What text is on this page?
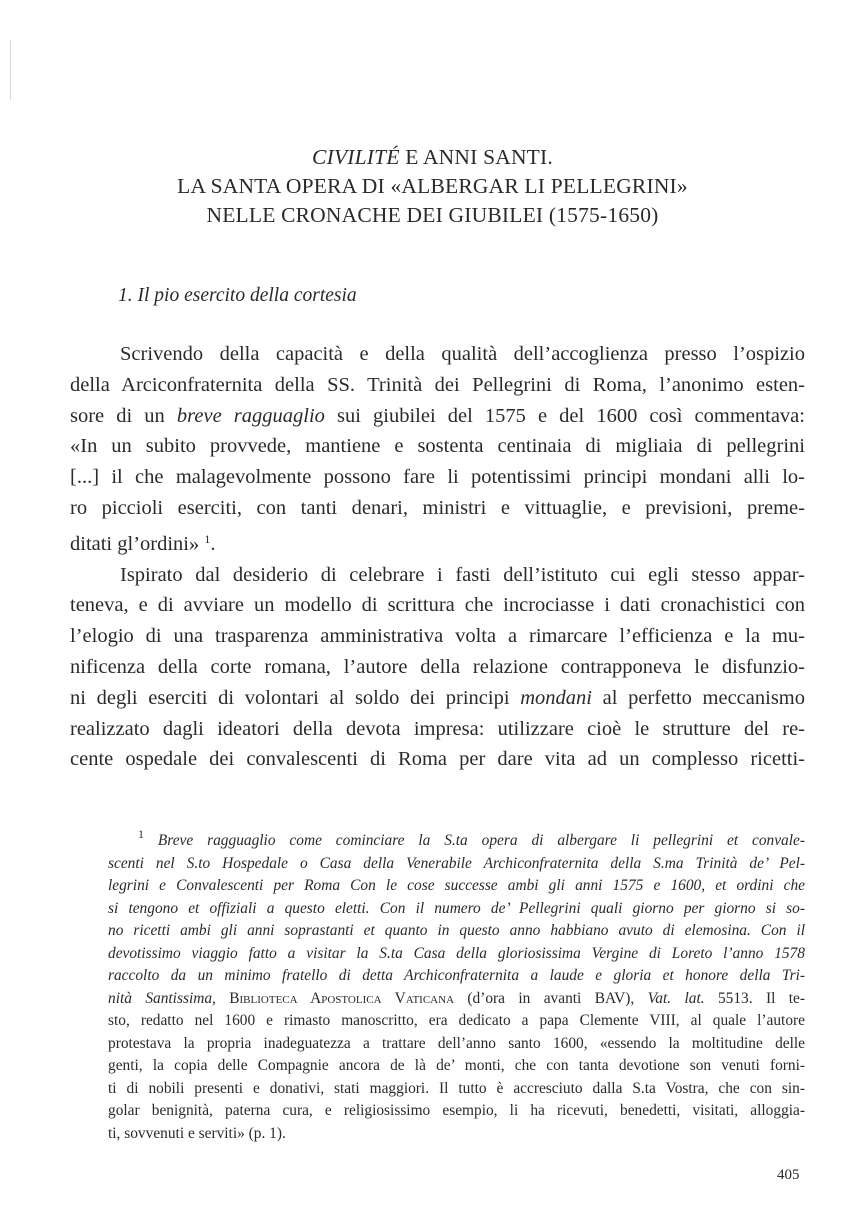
CIVILITÉ E ANNI SANTI.
LA SANTA OPERA DI «ALBERGAR LI PELLEGRINI»
NELLE CRONACHE DEI GIUBILEI (1575-1650)
1. Il pio esercito della cortesia
Scrivendo della capacità e della qualità dell’accoglienza presso l’ospizio
della Arciconfraternita della SS. Trinità dei Pellegrini di Roma, l’anonimo esten-
sore di un breve ragguaglio sui giubilei del 1575 e del 1600 così commentava:
«In un subito provvede, mantiene e sostenta centinaia di migliaia di pellegrini
[...] il che malagevolmente possono fare li potentissimi principi mondani alli lo-
ro piccioli eserciti, con tanti denari, ministri e vittuaglie, e previsioni, preme-
ditati gl’ordini» $^1$.
Ispirato dal desiderio di celebrare i fasti dell’istituto cui egli stesso appar-
teneva, e di avviare un modello di scrittura che incrociasse i dati cronachistici con
l’elogio di una trasparenza amministrativa volta a rimarcare l’efficienza e la mu-
nificenza della corte romana, l’autore della relazione contrapponeva le disfunzio-
ni degli eserciti di volontari al soldo dei principi mondani al perfetto meccanismo
realizzato dagli ideatori della devota impresa: utilizzare cioè le strutture del re-
cente ospedale dei convalescenti di Roma per dare vita ad un complesso ricetti-
$^1$ Breve ragguaglio come cominciare la S.ta opera di albergare li pellegrini et convale-
scenti nel S.to Hospedale o Casa della Venerabile Archiconfraternita della S.ma Trinità de’ Pel-
legrini e Convalescenti per Roma Con le cose successe ambi gli anni 1575 e 1600, et ordini che
si tengono et offiziali a questo eletti. Con il numero de’ Pellegrini quali giorno per giorno si so-
no ricetti ambi gli anni soprastanti et quanto in questo anno habbiano avuto di elemosina. Con il
devotissimo viaggio fatto a visitar la S.ta Casa della gloriosissima Vergine di Loreto l’anno 1578
raccolto da un minimo fratello di detta Archiconfraternita a laude e gloria et honore della Tri-
nità Santissima, Biblioteca Apostolica Vaticana (d’ora in avanti BAV), Vat. lat. 5513. Il te-
sto, redatto nel 1600 e rimasto manoscritto, era dedicato a papa Clemente VIII, al quale l’autore
protestava la propria inadeguatezza a trattare dell’anno santo 1600, «essendo la moltitudine delle
genti, la copia delle Compagnie ancora de là de’ monti, che con tanta devotione son venuti forni-
ti di nobili presenti e donativi, stati maggiori. Il tutto è accresciuto dalla S.ta Vostra, che con sin-
golar benignità, paterna cura, e religiosissimo esempio, li ha ricevuti, benedetti, visitati, alloggia-
ti, sovvenuti e serviti» (p. 1).
405
